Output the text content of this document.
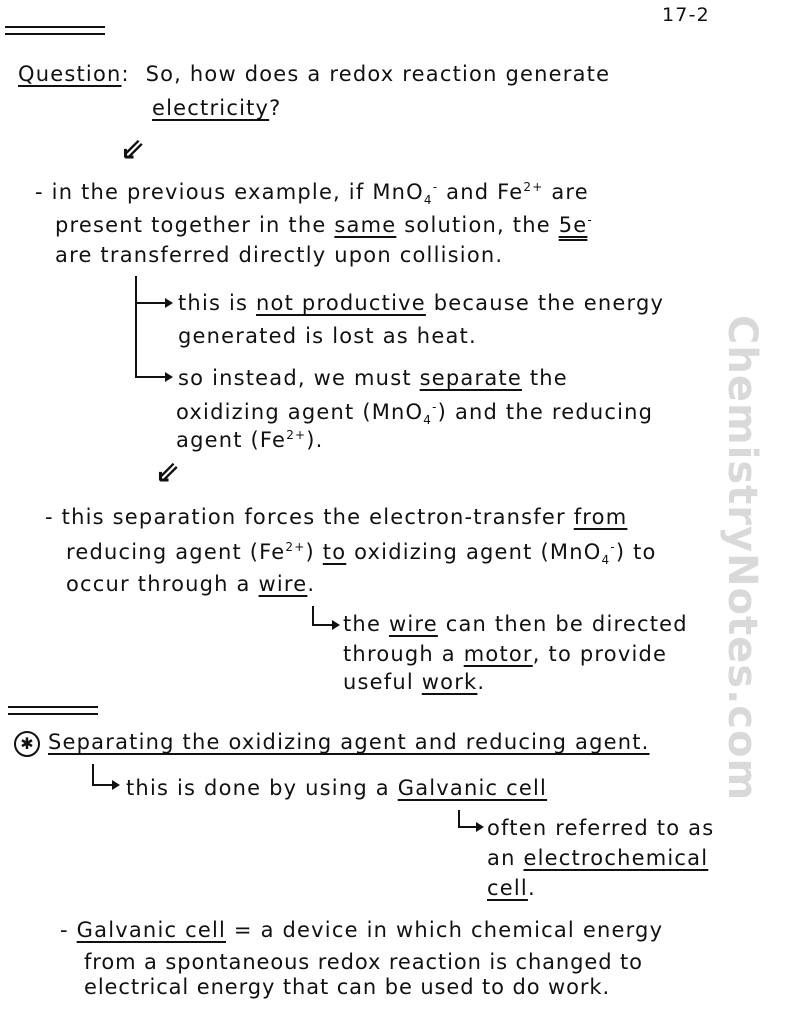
17-2
ChemistryNotes.com
Question:  So, how does a redox reaction generate
electricity?
⇙
- in the previous example, if MnO$_4$- and $Fe^{2+}$ are
present together in the same solution, the 5e-
are transferred directly upon collision.
this is not productive because the energy
generated is lost as heat.
so instead, we must separate the
oxidizing agent (MnO$_4$-) and the reducing
agent $(Fe^{2+})$.
⇙
- this separation forces the electron-transfer from
reducing agent $(Fe^{2+})$ to oxidizing agent (MnO$_4$-) to
occur through a wire.
the wire can then be directed
through a motor, to provide
useful work.
✱ Separating the oxidizing agent and reducing agent.
this is done by using a Galvanic cell
often referred to as
an electrochemical
cell.
- Galvanic cell = a device in which chemical energy
from a spontaneous redox reaction is changed to
electrical energy that can be used to do work.
